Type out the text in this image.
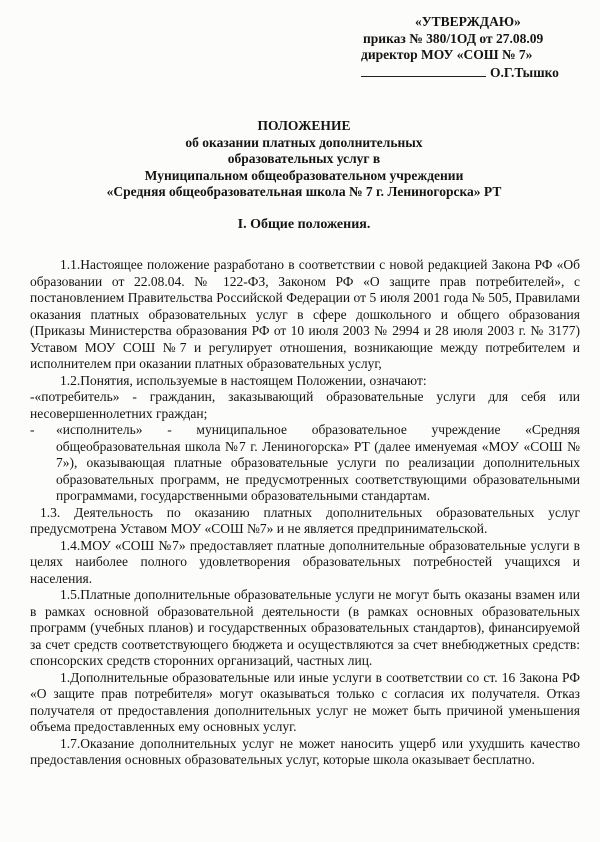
«УТВЕРЖДАЮ»
приказ № 380/1ОД от 27.08.09
директор МОУ «СОШ № 7»
О.Г.Тышко
ПОЛОЖЕНИЕ
об оказании платных дополнительных
образовательных услуг в
Муниципальном общеобразовательном учреждении
«Средняя общеобразовательная школа № 7 г. Лениногорска» РТ
I. Общие положения.

1.1.Настоящее положение разработано в соответствии с новой редакцией Закона РФ «Об образовании от 22.08.04. № 122-ФЗ, Законом РФ «О защите прав потребителей», с постановлением Правительства Российской Федерации от 5 июля 2001 года № 505, Правилами оказания платных образовательных услуг в сфере дошкольного и общего образования (Приказы Министерства образования РФ от 10 июля 2003 № 2994 и 28 июля 2003 г. № 3177) Уставом МОУ СОШ №7 и регулирует отношения, возникающие между потребителем и исполнителем при оказании платных образовательных услуг,

1.2.Понятия, используемые в настоящем Положении, означают:

-«потребитель» - гражданин, заказывающий образовательные услуги для себя или несовершеннолетних граждан;

-	«исполнитель» - муниципальное образовательное учреждение «Средняя общеобразовательная школа №7 г. Лениногорска» РТ (далее именуемая «МОУ «СОШ № 7»), оказывающая платные образовательные услуги по реализации дополнительных образовательных программ, не предусмотренных соответствующими образовательными программами, государственными образовательными стандартам.

1.3. Деятельность по оказанию платных дополнительных образовательных услуг предусмотрена Уставом МОУ «СОШ №7» и не является предпринимательской.

1.4.МОУ «СОШ №7» предоставляет платные дополнительные образовательные услуги в целях наиболее полного удовлетворения образовательных потребностей учащихся и населения.

1.5.Платные дополнительные образовательные услуги не могут быть оказаны взамен или в рамках основной образовательной деятельности (в рамках основных образовательных программ (учебных планов) и государственных образовательных стандартов), финансируемой за счет средств соответствующего бюджета и осуществляются за счет внебюджетных средств: спонсорских средств сторонних организаций, частных лиц.

1.Дополнительные образовательные или иные услуги в соответствии со ст. 16 Закона РФ «О защите прав потребителя» могут оказываться только с согласия их получателя. Отказ получателя от предоставления дополнительных услуг не может быть причиной уменьшения объема предоставленных ему основных услуг.

1.7.Оказание дополнительных услуг не может наносить ущерб или ухудшить качество предоставления основных образовательных услуг, которые школа оказывает бесплатно.
